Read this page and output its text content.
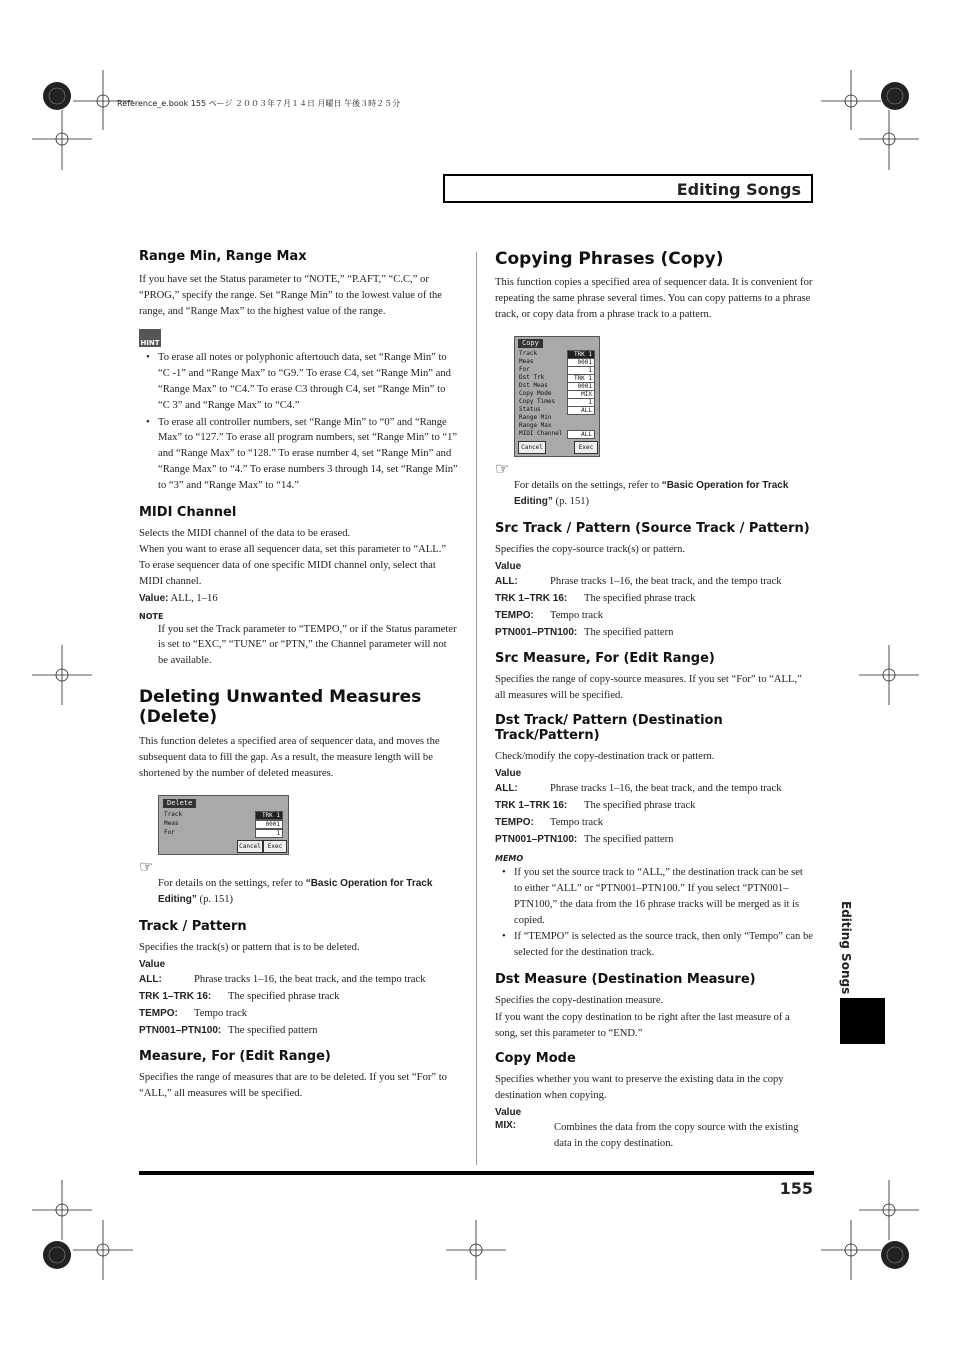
Reference_e.book 155 ページ ２００３年７月１４日 月曜日 午後３時２５分
Editing Songs
Range Min, Range Max

If you have set the Status parameter to “NOTE,” “P.AFT,” “C.C,” or “PROG,” specify the range. Set “Range Min” to the lowest value of the range, and “Range Max” to the highest value of the range.

HINT
• To erase all notes or polyphonic aftertouch data, set “Range Min” to “C -1” and “Range Max” to “G9.” To erase C4, set “Range Min” and “Range Max” to “C4.” To erase C3 through C4, set “Range Min” to “C 3” and “Range Max” to “C4.”
• To erase all controller numbers, set “Range Min” to “0” and “Range Max” to “127.” To erase all program numbers, set “Range Min” to “1” and “Range Max” to “128.” To erase number 4, set “Range Min” and “Range Max” to “4.” To erase numbers 3 through 14, set “Range Min” to “3” and “Range Max” to “14.”
MIDI Channel

Selects the MIDI channel of the data to be erased.

When you want to erase all sequencer data, set this parameter to “ALL.” To erase sequencer data of one specific MIDI channel only, select that MIDI channel.

Value: ALL, 1–16
NOTE

If you set the Track parameter to “TEMPO,” or if the Status parameter is set to “EXC,” “TUNE” or “PTN,” the Channel parameter will not be available.

Deleting Unwanted Measures (Delete)

This function deletes a specified area of sequencer data, and moves the subsequent data to fill the gap. As a result, the measure length will be shortened by the number of deleted measures.

Delete
Track	TRK 1
Meas	0001
For	1
Cancel	Exec
☞

For details on the settings, refer to “Basic Operation for Track Editing” (p. 151)

Track / Pattern

Specifies the track(s) or pattern that is to be deleted.

Value
ALL:	Phrase tracks 1–16, the beat track, and the tempo track
TRK 1–TRK 16: The specified phrase track
TEMPO: Tempo track
PTN001–PTN100: The specified pattern
Measure, For (Edit Range)

Specifies the range of measures that are to be deleted. If you set “For” to “ALL,” all measures will be specified.

Copying Phrases (Copy)

This function copies a specified area of sequencer data. It is convenient for repeating the same phrase several times. You can copy patterns to a phrase track, or copy data from a phrase track to a pattern.

Copy
Track	TRK 1
Meas	0001
For	1
Dst Trk	TRK 1
Dst Meas	0001
Copy Mode	MIX
Copy Times	1
Status	ALL
Range Min
Range Max
MIDI Channel	ALL
Cancel	Exec
☞

For details on the settings, refer to “Basic Operation for Track Editing” (p. 151)

Src Track / Pattern (Source Track / Pattern)

Specifies the copy-source track(s) or pattern.

Value
ALL:	Phrase tracks 1–16, the beat track, and the tempo track
TRK 1–TRK 16: The specified phrase track
TEMPO: Tempo track
PTN001–PTN100: The specified pattern
Src Measure, For (Edit Range)

Specifies the range of copy-source measures. If you set “For” to “ALL,” all measures will be specified.

Dst Track/ Pattern (Destination Track/Pattern)

Check/modify the copy-destination track or pattern.

Value
ALL:	Phrase tracks 1–16, the beat track, and the tempo track
TRK 1–TRK 16: The specified phrase track
TEMPO: Tempo track
PTN001–PTN100: The specified pattern
MEMO
• If you set the source track to “ALL,” the destination track can be set to either “ALL” or “PTN001–PTN100.” If you select “PTN001–PTN100,” the data from the 16 phrase tracks will be merged as it is copied.
• If “TEMPO” is selected as the source track, then only “Tempo” can be selected for the destination track.
Dst Measure (Destination Measure)

Specifies the copy-destination measure.

If you want the copy destination to be right after the last measure of a song, set this parameter to “END.”

Copy Mode

Specifies whether you want to preserve the existing data in the copy destination when copying.

Value
MIX:	Combines the data from the copy source with the existing data in the copy destination.
155
Editing Songs
